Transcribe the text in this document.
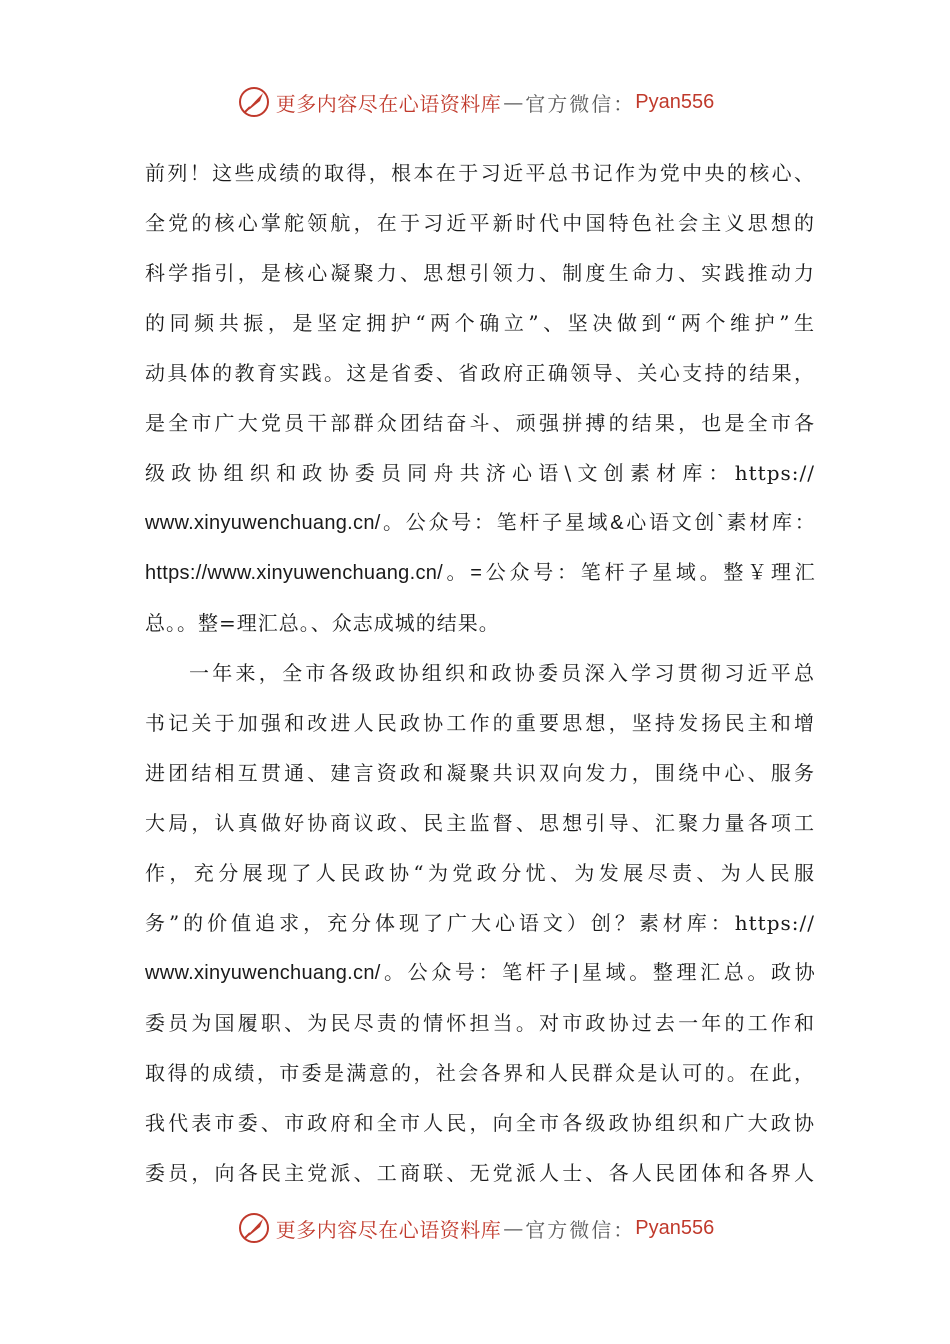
更多内容尽在心语资料库 — 官方微信： Pyan556
前列！这些成绩的取得，根本在于习近平总书记作为党中央的核心、
全党的核心掌舵领航，在于习近平新时代中国特色社会主义思想的
科学指引，是核心凝聚力、思想引领力、制度生命力、实践推动力
的同频共振，是坚定拥护“两个确立”、坚决做到“两个维护”生
动具体的教育实践。这是省委、省政府正确领导、关心支持的结果，
是全市广大党员干部群众团结奋斗、顽强拼搏的结果，也是全市各
级政协组织和政协委员同舟共济心语\文创素材库：https://
www.xinyuwenchuang.cn/。公众号：笔杆子星域&心语文创`素材库：
https://www.xinyuwenchuang.cn/。=公众号：笔杆子星域。整￥理汇
总。。整=理汇总。、众志成城的结果。
一年来，全市各级政协组织和政协委员深入学习贯彻习近平总
书记关于加强和改进人民政协工作的重要思想，坚持发扬民主和增
进团结相互贯通、建言资政和凝聚共识双向发力，围绕中心、服务
大局，认真做好协商议政、民主监督、思想引导、汇聚力量各项工
作，充分展现了人民政协“为党政分忧、为发展尽责、为人民服
务”的价值追求，充分体现了广大心语文）创？素材库：https://
www.xinyuwenchuang.cn/。公众号：笔杆子|星域。整理汇总。政协
委员为国履职、为民尽责的情怀担当。对市政协过去一年的工作和
取得的成绩，市委是满意的，社会各界和人民群众是认可的。在此，
我代表市委、市政府和全市人民，向全市各级政协组织和广大政协
委员，向各民主党派、工商联、无党派人士、各人民团体和各界人
更多内容尽在心语资料库 — 官方微信： Pyan556
